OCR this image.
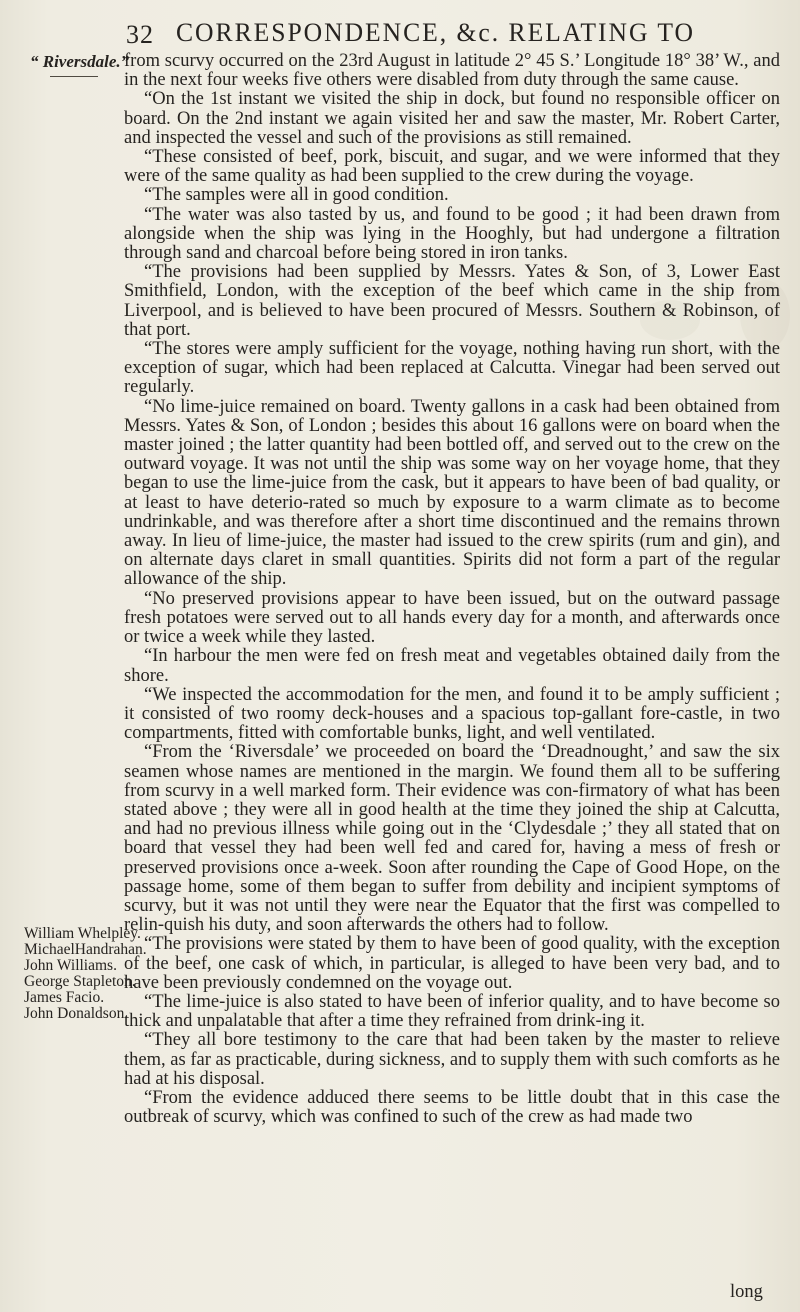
32 CORRESPONDENCE, &c. RELATING TO
“ Riversdale.”
William Whelpley.
MichaelHandrahan.
John Williams.
George Stapleton.
James Facio.
John Donaldson.

from scurvy occurred on the 23rd August in latitude 2° 45 S.’ Longitude 18° 38’ W., and in the next four weeks five others were disabled from duty through the same cause.

“On the 1st instant we visited the ship in dock, but found no responsible officer on board. On the 2nd instant we again visited her and saw the master, Mr. Robert Carter, and inspected the vessel and such of the provisions as still remained.

“These consisted of beef, pork, biscuit, and sugar, and we were informed that they were of the same quality as had been supplied to the crew during the voyage.

“The samples were all in good condition.

“The water was also tasted by us, and found to be good ; it had been drawn from alongside when the ship was lying in the Hooghly, but had undergone a filtration through sand and charcoal before being stored in iron tanks.

“The provisions had been supplied by Messrs. Yates & Son, of 3, Lower East Smithfield, London, with the exception of the beef which came in the ship from Liverpool, and is believed to have been procured of Messrs. Southern & Robinson, of that port.

“The stores were amply sufficient for the voyage, nothing having run short, with the exception of sugar, which had been replaced at Calcutta. Vinegar had been served out regularly.

“No lime-juice remained on board. Twenty gallons in a cask had been obtained from Messrs. Yates & Son, of London ; besides this about 16 gallons were on board when the master joined ; the latter quantity had been bottled off, and served out to the crew on the outward voyage. It was not until the ship was some way on her voyage home, that they began to use the lime-juice from the cask, but it appears to have been of bad quality, or at least to have deterio-rated so much by exposure to a warm climate as to become undrinkable, and was therefore after a short time discontinued and the remains thrown away. In lieu of lime-juice, the master had issued to the crew spirits (rum and gin), and on alternate days claret in small quantities. Spirits did not form a part of the regular allowance of the ship.

“No preserved provisions appear to have been issued, but on the outward passage fresh potatoes were served out to all hands every day for a month, and afterwards once or twice a week while they lasted.

“In harbour the men were fed on fresh meat and vegetables obtained daily from the shore.

“We inspected the accommodation for the men, and found it to be amply sufficient ; it consisted of two roomy deck-houses and a spacious top-gallant fore-castle, in two compartments, fitted with comfortable bunks, light, and well ventilated.

“From the ‘Riversdale’ we proceeded on board the ‘Dreadnought,’ and saw the six seamen whose names are mentioned in the margin. We found them all to be suffering from scurvy in a well marked form. Their evidence was con-firmatory of what has been stated above ; they were all in good health at the time they joined the ship at Calcutta, and had no previous illness while going out in the ‘Clydesdale ;’ they all stated that on board that vessel they had been well fed and cared for, having a mess of fresh or preserved provisions once a-week. Soon after rounding the Cape of Good Hope, on the passage home, some of them began to suffer from debility and incipient symptoms of scurvy, but it was not until they were near the Equator that the first was compelled to relin-quish his duty, and soon afterwards the others had to follow.

“The provisions were stated by them to have been of good quality, with the exception of the beef, one cask of which, in particular, is alleged to have been very bad, and to have been previously condemned on the voyage out.

“The lime-juice is also stated to have been of inferior quality, and to have become so thick and unpalatable that after a time they refrained from drink-ing it.

“They all bore testimony to the care that had been taken by the master to relieve them, as far as practicable, during sickness, and to supply them with such comforts as he had at his disposal.

“From the evidence adduced there seems to be little doubt that in this case the outbreak of scurvy, which was confined to such of the crew as had made two

long
